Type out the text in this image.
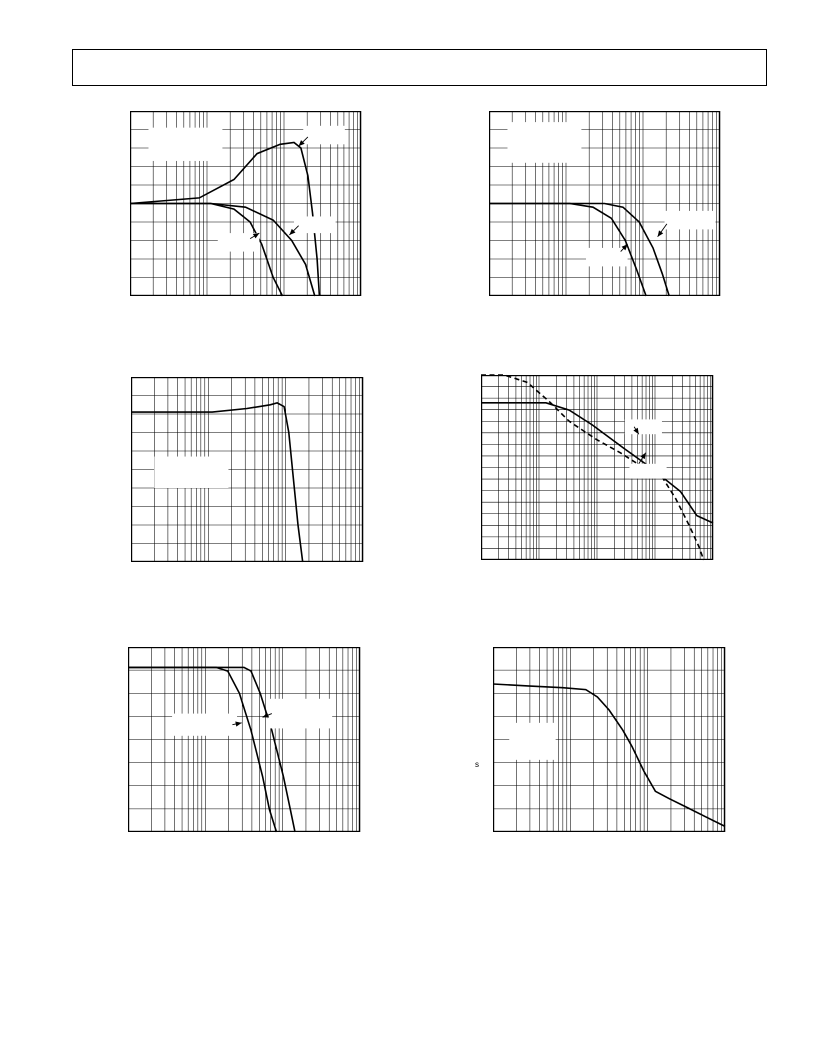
s
